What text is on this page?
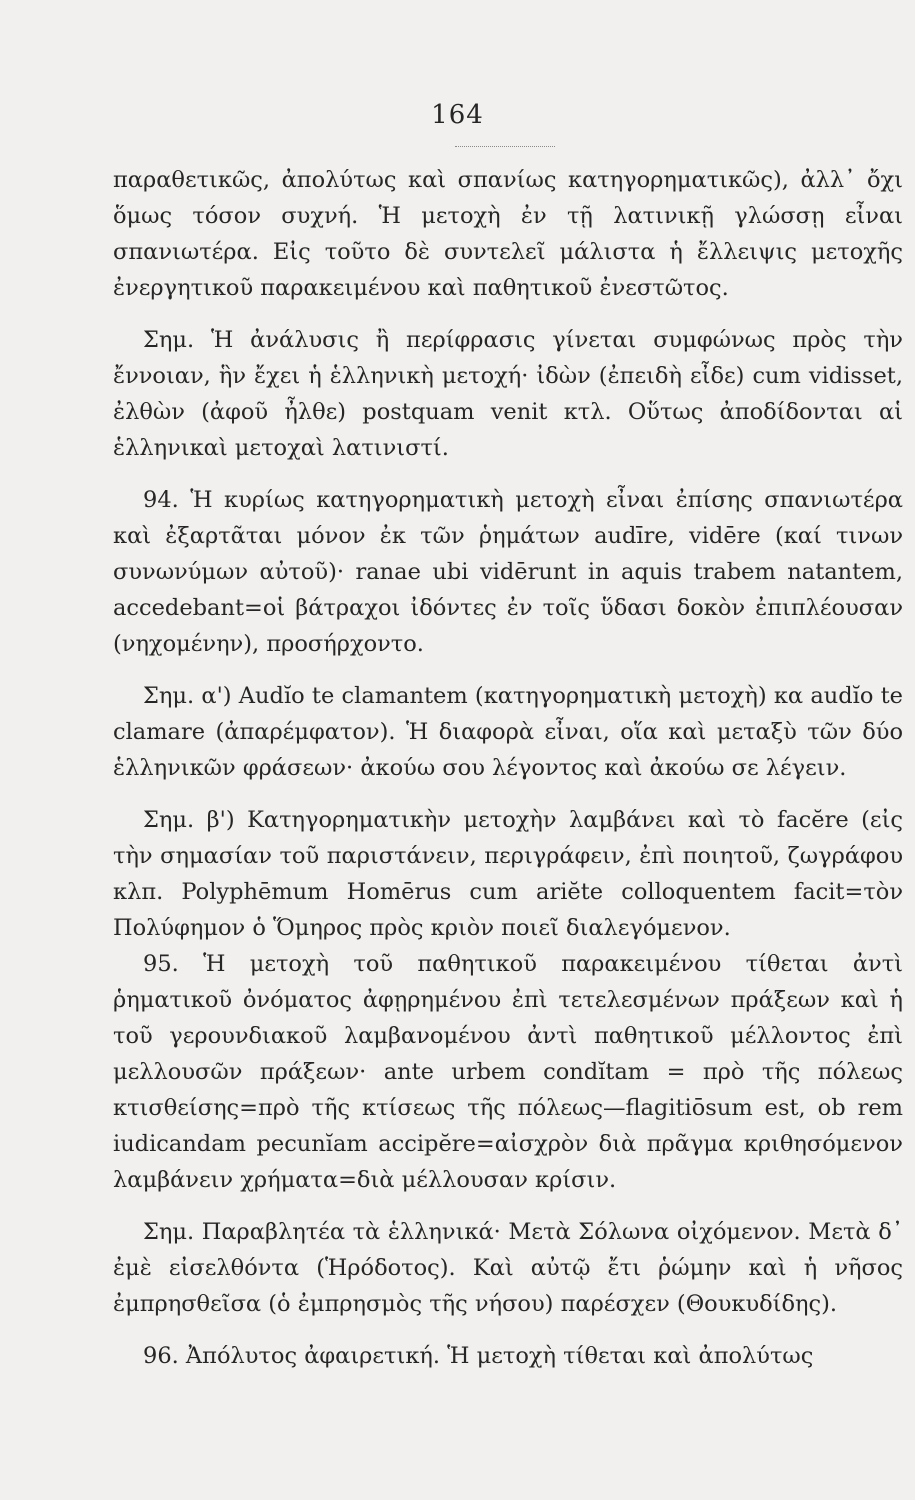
164

παραθετικῶς, ἀπολύτως καὶ σπανίως κατηγορηματικῶς), ἀλλ᾽ ὄχι ὅμως τόσον συχνή. Ἡ μετοχὴ ἐν τῇ λατινικῇ γλώσσῃ εἶναι σπανιωτέρα. Εἰς τοῦτο δὲ συντελεῖ μάλιστα ἡ ἔλλειψις μετοχῆς ἐνεργητικοῦ παρακειμένου καὶ παθητικοῦ ἐνεστῶτος.

Σημ. Ἡ ἀνάλυσις ἢ περίφρασις γίνεται συμφώνως πρὸς τὴν ἔννοιαν, ἣν ἔχει ἡ ἑλληνικὴ μετοχή· ἰδὼν (ἐπειδὴ εἶδε) cum vidisset, ἐλθὼν (ἀφοῦ ἦλθε) postquam venit κτλ. Οὕτως ἀποδίδονται αἱ ἑλληνικαὶ μετοχαὶ λατινιστί.

94. Ἡ κυρίως κατηγορηματικὴ μετοχὴ εἶναι ἐπίσης σπανιωτέρα καὶ ἐξαρτᾶται μόνον ἐκ τῶν ῥημάτων audīre, vidēre (καί τινων συνωνύμων αὐτοῦ)· ranae ubi vidērunt in aquis trabem natantem, accedebant=οἱ βάτραχοι ἰδόντες ἐν τοῖς ὕδασι δοκὸν ἐπιπλέουσαν (νηχομένην), προσήρχοντο.

Σημ. α') Audĭo te clamantem (κατηγορηματικὴ μετοχὴ) κα audĭo te clamare (ἀπαρέμφατον). Ἡ διαφορὰ εἶναι, οἵα καὶ μεταξὺ τῶν δύο ἑλληνικῶν φράσεων· ἀκούω σου λέγοντος καὶ ἀκούω σε λέγειν.

Σημ. β') Κατηγορηματικὴν μετοχὴν λαμβάνει καὶ τὸ facĕre (εἰς τὴν σημασίαν τοῦ παριστάνειν, περιγράφειν, ἐπὶ ποιητοῦ, ζωγράφου κλπ. Polyphēmum Homērus cum ariĕte colloquentem facit=τὸν Πολύφημον ὁ Ὅμηρος πρὸς κριὸν ποιεῖ διαλεγόμενον.

95. Ἡ μετοχὴ τοῦ παθητικοῦ παρακειμένου τίθεται ἀντὶ ῥηματικοῦ ὀνόματος ἀφῃρημένου ἐπὶ τετελεσμένων πράξεων καὶ ἡ τοῦ γερουνδιακοῦ λαμβανομένου ἀντὶ παθητικοῦ μέλλοντος ἐπὶ μελλουσῶν πράξεων· ante urbem condĭtam = πρὸ τῆς πόλεως κτισθείσης=πρὸ τῆς κτίσεως τῆς πόλεως—flagitiōsum est, ob rem iudicandam pecunĭam accipĕre=αἰσχρὸν διὰ πρᾶγμα κριθησόμενον λαμβάνειν χρήματα=διὰ μέλλουσαν κρίσιν.

Σημ. Παραβλητέα τὰ ἑλληνικά· Μετὰ Σόλωνα οἰχόμενον. Μετὰ δ᾽ ἐμὲ εἰσελθόντα (Ἡρόδοτος). Καὶ αὐτῷ ἔτι ῥώμην καὶ ἡ νῆσος ἐμπρησθεῖσα (ὁ ἐμπρησμὸς τῆς νήσου) παρέσχεν (Θουκυδίδης).

96. Ἀπόλυτος ἀφαιρετική. Ἡ μετοχὴ τίθεται καὶ ἀπολύτως
